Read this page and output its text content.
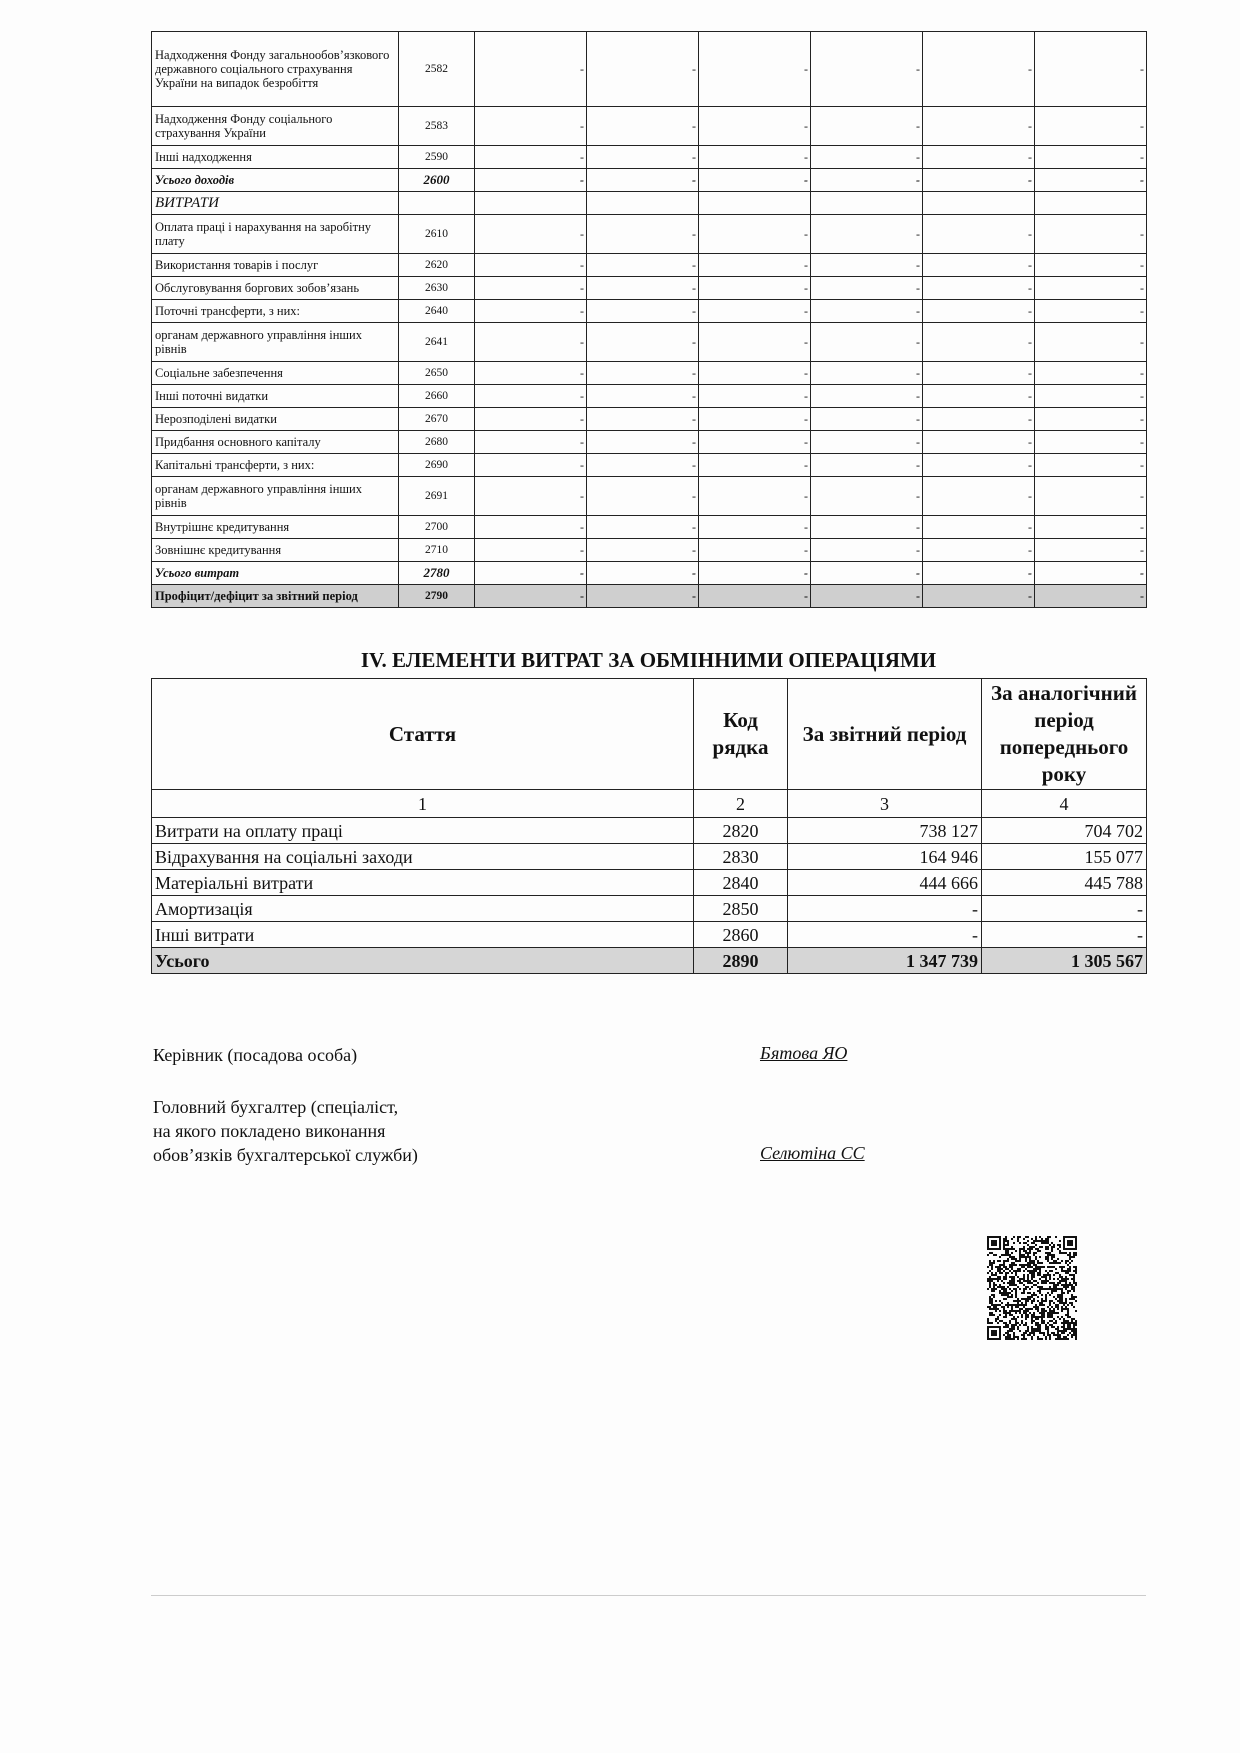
Надходження Фонду загальнообов’язкового державного соціального страхування України на випадок безробіття	2582	-	-	-	-	-	-
Надходження Фонду соціального страхування України	2583	-	-	-	-	-	-
Інші надходження	2590	-	-	-	-	-	-
Усього доходів	2600	-	-	-	-	-	-
ВИТРАТИ							
Оплата праці і нарахування на заробітну плату	2610	-	-	-	-	-	-
Використання товарів і послуг	2620	-	-	-	-	-	-
Обслуговування боргових зобов’язань	2630	-	-	-	-	-	-
Поточні трансферти, з них:	2640	-	-	-	-	-	-
органам державного управління інших рівнів	2641	-	-	-	-	-	-
Соціальне забезпечення	2650	-	-	-	-	-	-
Інші поточні видатки	2660	-	-	-	-	-	-
Нерозподілені видатки	2670	-	-	-	-	-	-
Придбання основного капіталу	2680	-	-	-	-	-	-
Капітальні трансферти, з них:	2690	-	-	-	-	-	-
органам державного управління інших рівнів	2691	-	-	-	-	-	-
Внутрішнє кредитування	2700	-	-	-	-	-	-
Зовнішнє кредитування	2710	-	-	-	-	-	-
Усього витрат	2780	-	-	-	-	-	-
Профіцит/дефіцит за звітний період	2790	-	-	-	-	-	-
IV. ЕЛЕМЕНТИ ВИТРАТ ЗА ОБМІННИМИ ОПЕРАЦІЯМИ
Стаття	Код рядка	За звітний період	За аналогічний період попереднього року
1	2	3	4
Витрати на оплату праці	2820	738 127	704 702
Відрахування на соціальні заходи	2830	164 946	155 077
Матеріальні витрати	2840	444 666	445 788
Амортизація	2850	-	-
Інші витрати	2860	-	-
Усього	2890	1 347 739	1 305 567
Керівник (посадова особа)	Бятова ЯО
Головний бухгалтер (спеціаліст,
на якого покладено виконання
обов’язків бухгалтерської служби)	Селютіна СС
